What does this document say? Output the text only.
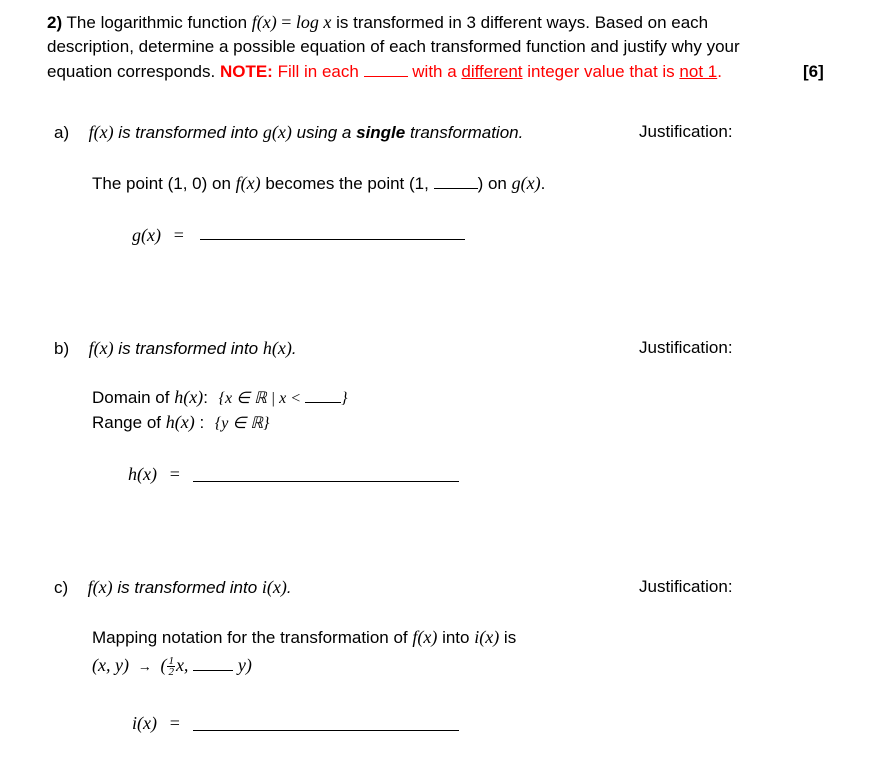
2) The logarithmic function f(x) = log x is transformed in 3 different ways. Based on each
description, determine a possible equation of each transformed function and justify why your
equation corresponds. NOTE: Fill in each	with a different integer value that is not 1.	[6]
a) f(x) is transformed into g(x) using a single transformation.	Justification:
The point (1, 0) on f(x) becomes the point (1,	) on g(x).
g(x) =
b) f(x) is transformed into h(x).	Justification:
Domain of h(x): {x ∈ ℝ | x < }
Range of h(x) : {y ∈ ℝ}
h(x) =
c) f(x) is transformed into i(x).	Justification:
Mapping notation for the transformation of f(x) into i(x) is
(x, y) → ( $\frac{1}{2} x$,	y)
i(x) =
